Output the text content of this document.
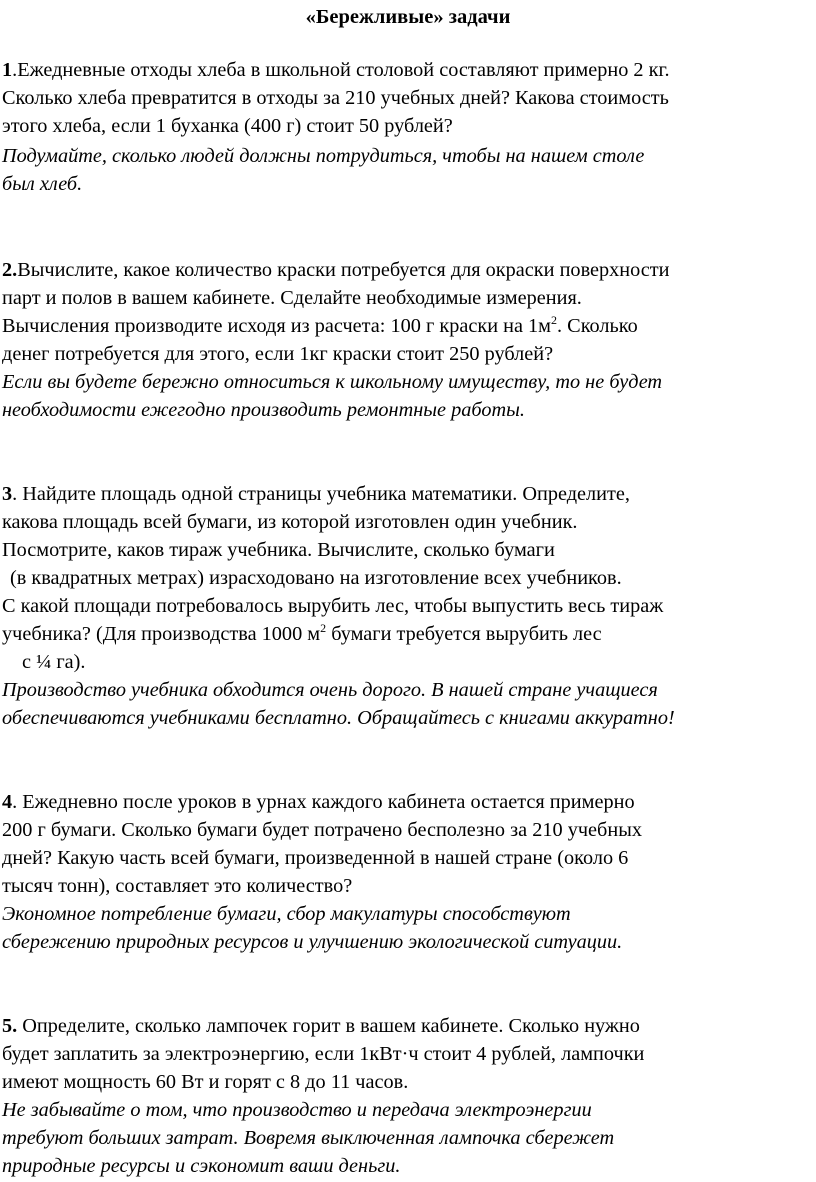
«Бережливые» задачи
1.Ежедневные отходы хлеба в школьной столовой составляют примерно 2 кг.
Сколько хлеба превратится в отходы за 210 учебных дней? Какова стоимость
этого хлеба, если 1 буханка (400 г) стоит 50 рублей?
Подумайте, сколько людей должны потрудиться, чтобы на нашем столе
был хлеб.
2.Вычислите, какое количество краски потребуется для окраски поверхности
парт и полов в вашем кабинете. Сделайте необходимые измерения.
Вычисления производите исходя из расчета: 100 г краски на $1м^2$. Сколько
денег потребуется для этого, если 1кг краски стоит 250 рублей?
Если вы будете бережно относиться к школьному имуществу, то не будет
необходимости ежегодно производить ремонтные работы.
3. Найдите площадь одной страницы учебника математики. Определите,
какова площадь всей бумаги, из которой изготовлен один учебник.
Посмотрите, каков тираж учебника. Вычислите, сколько бумаги
(в квадратных метрах) израсходовано на изготовление всех учебников.
С какой площади потребовалось вырубить лес, чтобы выпустить весь тираж
учебника? (Для производства 1000 $м^2$ бумаги требуется вырубить лес
с ¼ га).
Производство учебника обходится очень дорого. В нашей стране учащиеся
обеспечиваются учебниками бесплатно. Обращайтесь с книгами аккуратно!
4. Ежедневно после уроков в урнах каждого кабинета остается примерно
200 г бумаги. Сколько бумаги будет потрачено бесполезно за 210 учебных
дней? Какую часть всей бумаги, произведенной в нашей стране (около 6
тысяч тонн), составляет это количество?
Экономное потребление бумаги, сбор макулатуры способствуют
сбережению природных ресурсов и улучшению экологической ситуации.
5. Определите, сколько лампочек горит в вашем кабинете. Сколько нужно
будет заплатить за электроэнергию, если 1кВт·ч стоит 4 рублей, лампочки
имеют мощность 60 Вт и горят с 8 до 11 часов.
Не забывайте о том, что производство и передача электроэнергии
требуют больших затрат. Вовремя выключенная лампочка сбережет
природные ресурсы и сэкономит ваши деньги.
